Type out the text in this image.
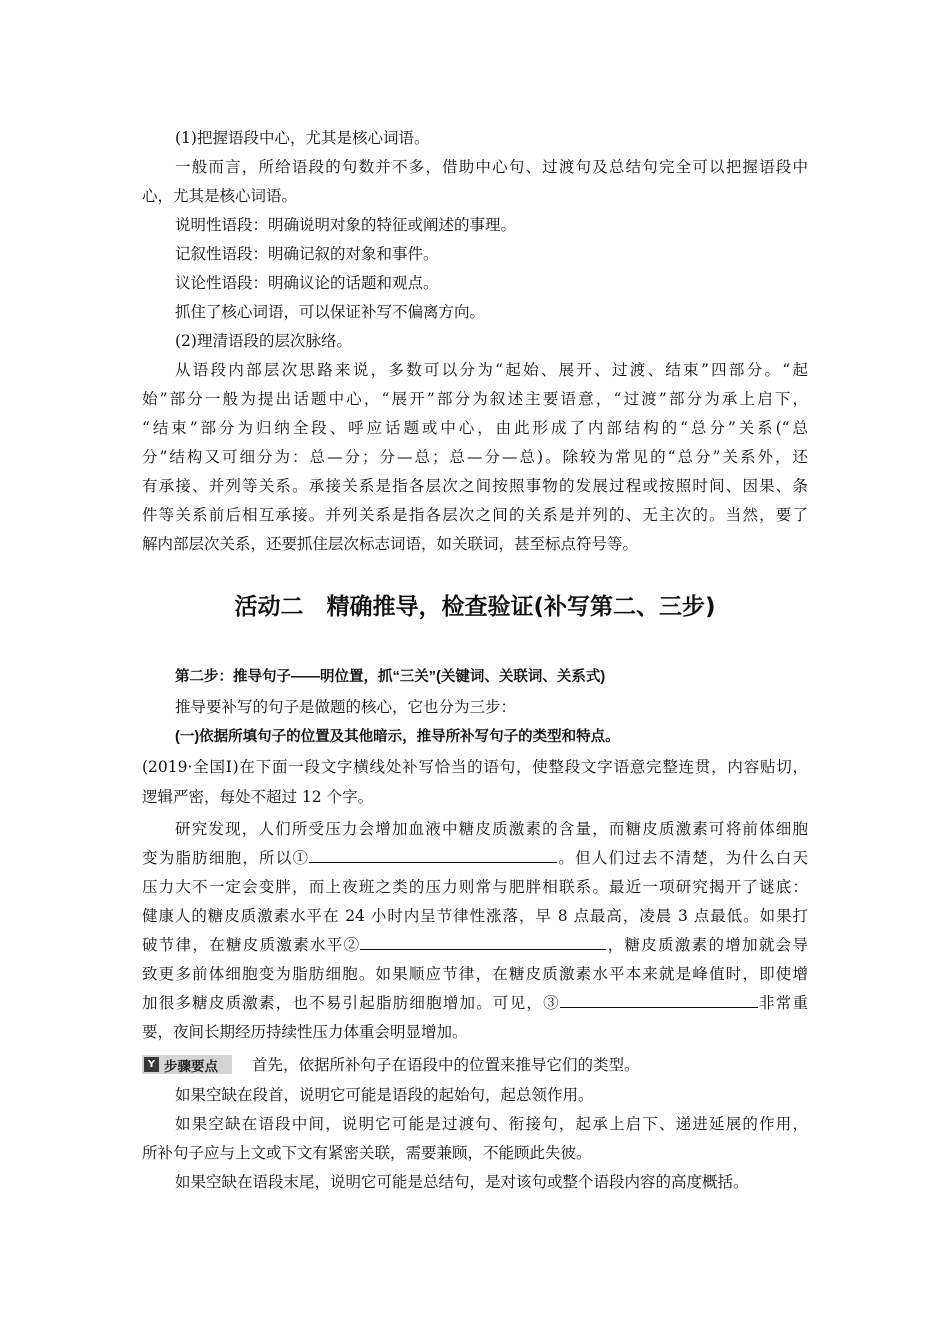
(1)把握语段中心，尤其是核心词语。
一般而言，所给语段的句数并不多，借助中心句、过渡句及总结句完全可以把握语段中
心，尤其是核心词语。
说明性语段：明确说明对象的特征或阐述的事理。
记叙性语段：明确记叙的对象和事件。
议论性语段：明确议论的话题和观点。
抓住了核心词语，可以保证补写不偏离方向。
(2)理清语段的层次脉络。
从语段内部层次思路来说，多数可以分为“起始、展开、过渡、结束”四部分。“起
始”部分一般为提出话题中心，“展开”部分为叙述主要语意，“过渡”部分为承上启下，
“结束”部分为归纳全段、呼应话题或中心，由此形成了内部结构的“总分”关系(“总
分”结构又可细分为：总—分；分—总；总—分—总)。除较为常见的“总分”关系外，还
有承接、并列等关系。承接关系是指各层次之间按照事物的发展过程或按照时间、因果、条
件等关系前后相互承接。并列关系是指各层次之间的关系是并列的、无主次的。当然，要了
解内部层次关系，还要抓住层次标志词语，如关联词，甚至标点符号等。
活动二　精确推导，检查验证(补写第二、三步)
第二步：推导句子——明位置，抓“三关”(关键词、关联词、关系式)
推导要补写的句子是做题的核心，它也分为三步：
(一)依据所填句子的位置及其他暗示，推导所补写句子的类型和特点。
(2019·全国Ⅰ)在下面一段文字横线处补写恰当的语句，使整段文字语意完整连贯，内容贴切，
逻辑严密，每处不超过 12 个字。
研究发现，人们所受压力会增加血液中糖皮质激素的含量，而糖皮质激素可将前体细胞
变为脂肪细胞，所以①	。但人们过去不清楚，为什么白天
压力大不一定会变胖，而上夜班之类的压力则常与肥胖相联系。最近一项研究揭开了谜底：
健康人的糖皮质激素水平在 24 小时内呈节律性涨落，早 8 点最高，凌晨 3 点最低。如果打
破节律，在糖皮质激素水平②	，糖皮质激素的增加就会导
致更多前体细胞变为脂肪细胞。如果顺应节律，在糖皮质激素水平本来就是峰值时，即使增
加很多糖皮质激素，也不易引起脂肪细胞增加。可见，③	非常重
要，夜间长期经历持续性压力体重会明显增加。
Y 步骤要点 首先，依据所补句子在语段中的位置来推导它们的类型。
如果空缺在段首，说明它可能是语段的起始句，起总领作用。
如果空缺在语段中间，说明它可能是过渡句、衔接句，起承上启下、递进延展的作用，
所补句子应与上文或下文有紧密关联，需要兼顾，不能顾此失彼。
如果空缺在语段末尾，说明它可能是总结句，是对该句或整个语段内容的高度概括。
